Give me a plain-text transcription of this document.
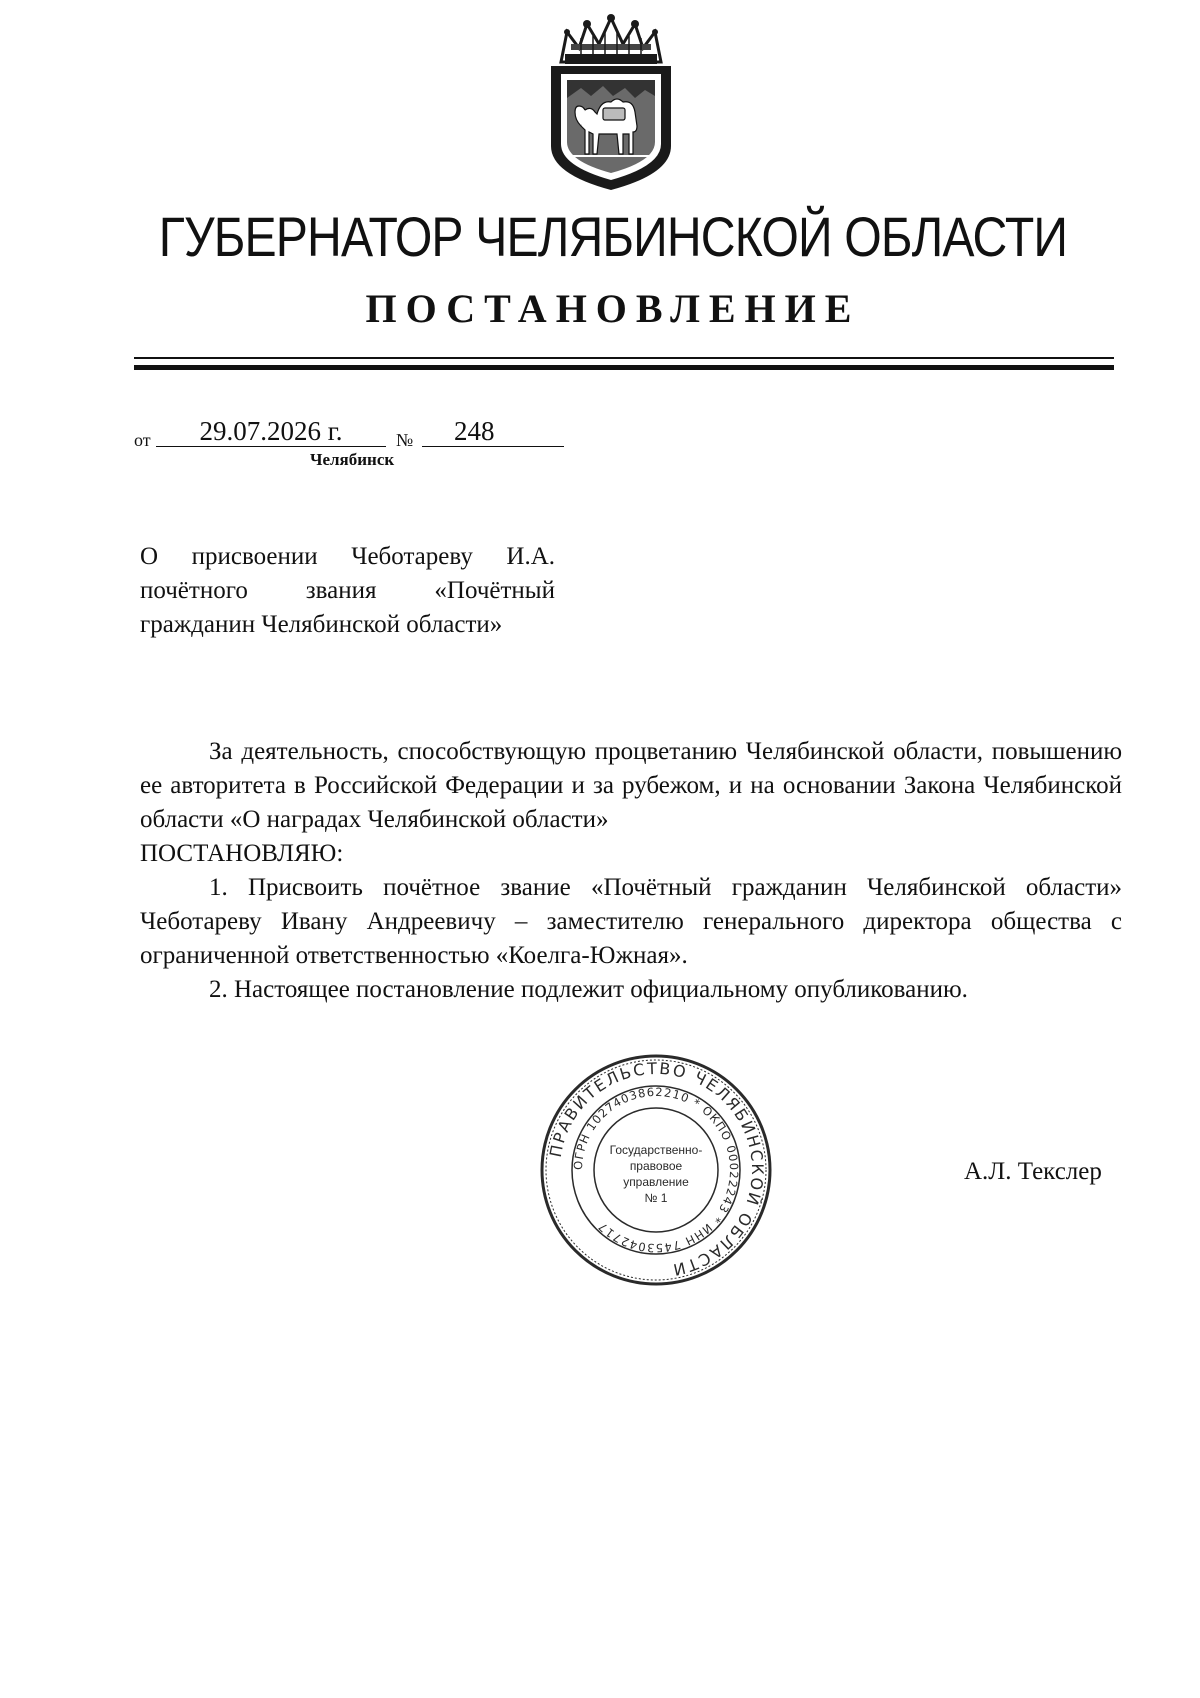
ГУБЕРНАТОР ЧЕЛЯБИНСКОЙ ОБЛАСТИ
ПОСТАНОВЛЕНИЕ
от	29.07.2026 г.	№	248
Челябинск
О присвоении Чеботареву И.А. почётного звания «Почётный гражданин Челябинской области»

За деятельность, способствующую процветанию Челябинской области, повышению ее авторитета в Российской Федерации и за рубежом, и на основании Закона Челябинской области «О наградах Челябинской области»

ПОСТАНОВЛЯЮ:

1. Присвоить почётное звание «Почётный гражданин Челябинской области» Чеботареву Ивану Андреевичу – заместителю генерального директора общества с ограниченной ответственностью «Коелга-Южная».

2. Настоящее постановление подлежит официальному опубликованию.

ПРАВИТЕЛЬСТВО ЧЕЛЯБИНСКОЙ ОБЛАСТИ
ОГРН 1027403862210 * ОКПО 00022243 * ИНН 7453042717
Государственно-
правовое
управление
№ 1
А.Л. Текслер
